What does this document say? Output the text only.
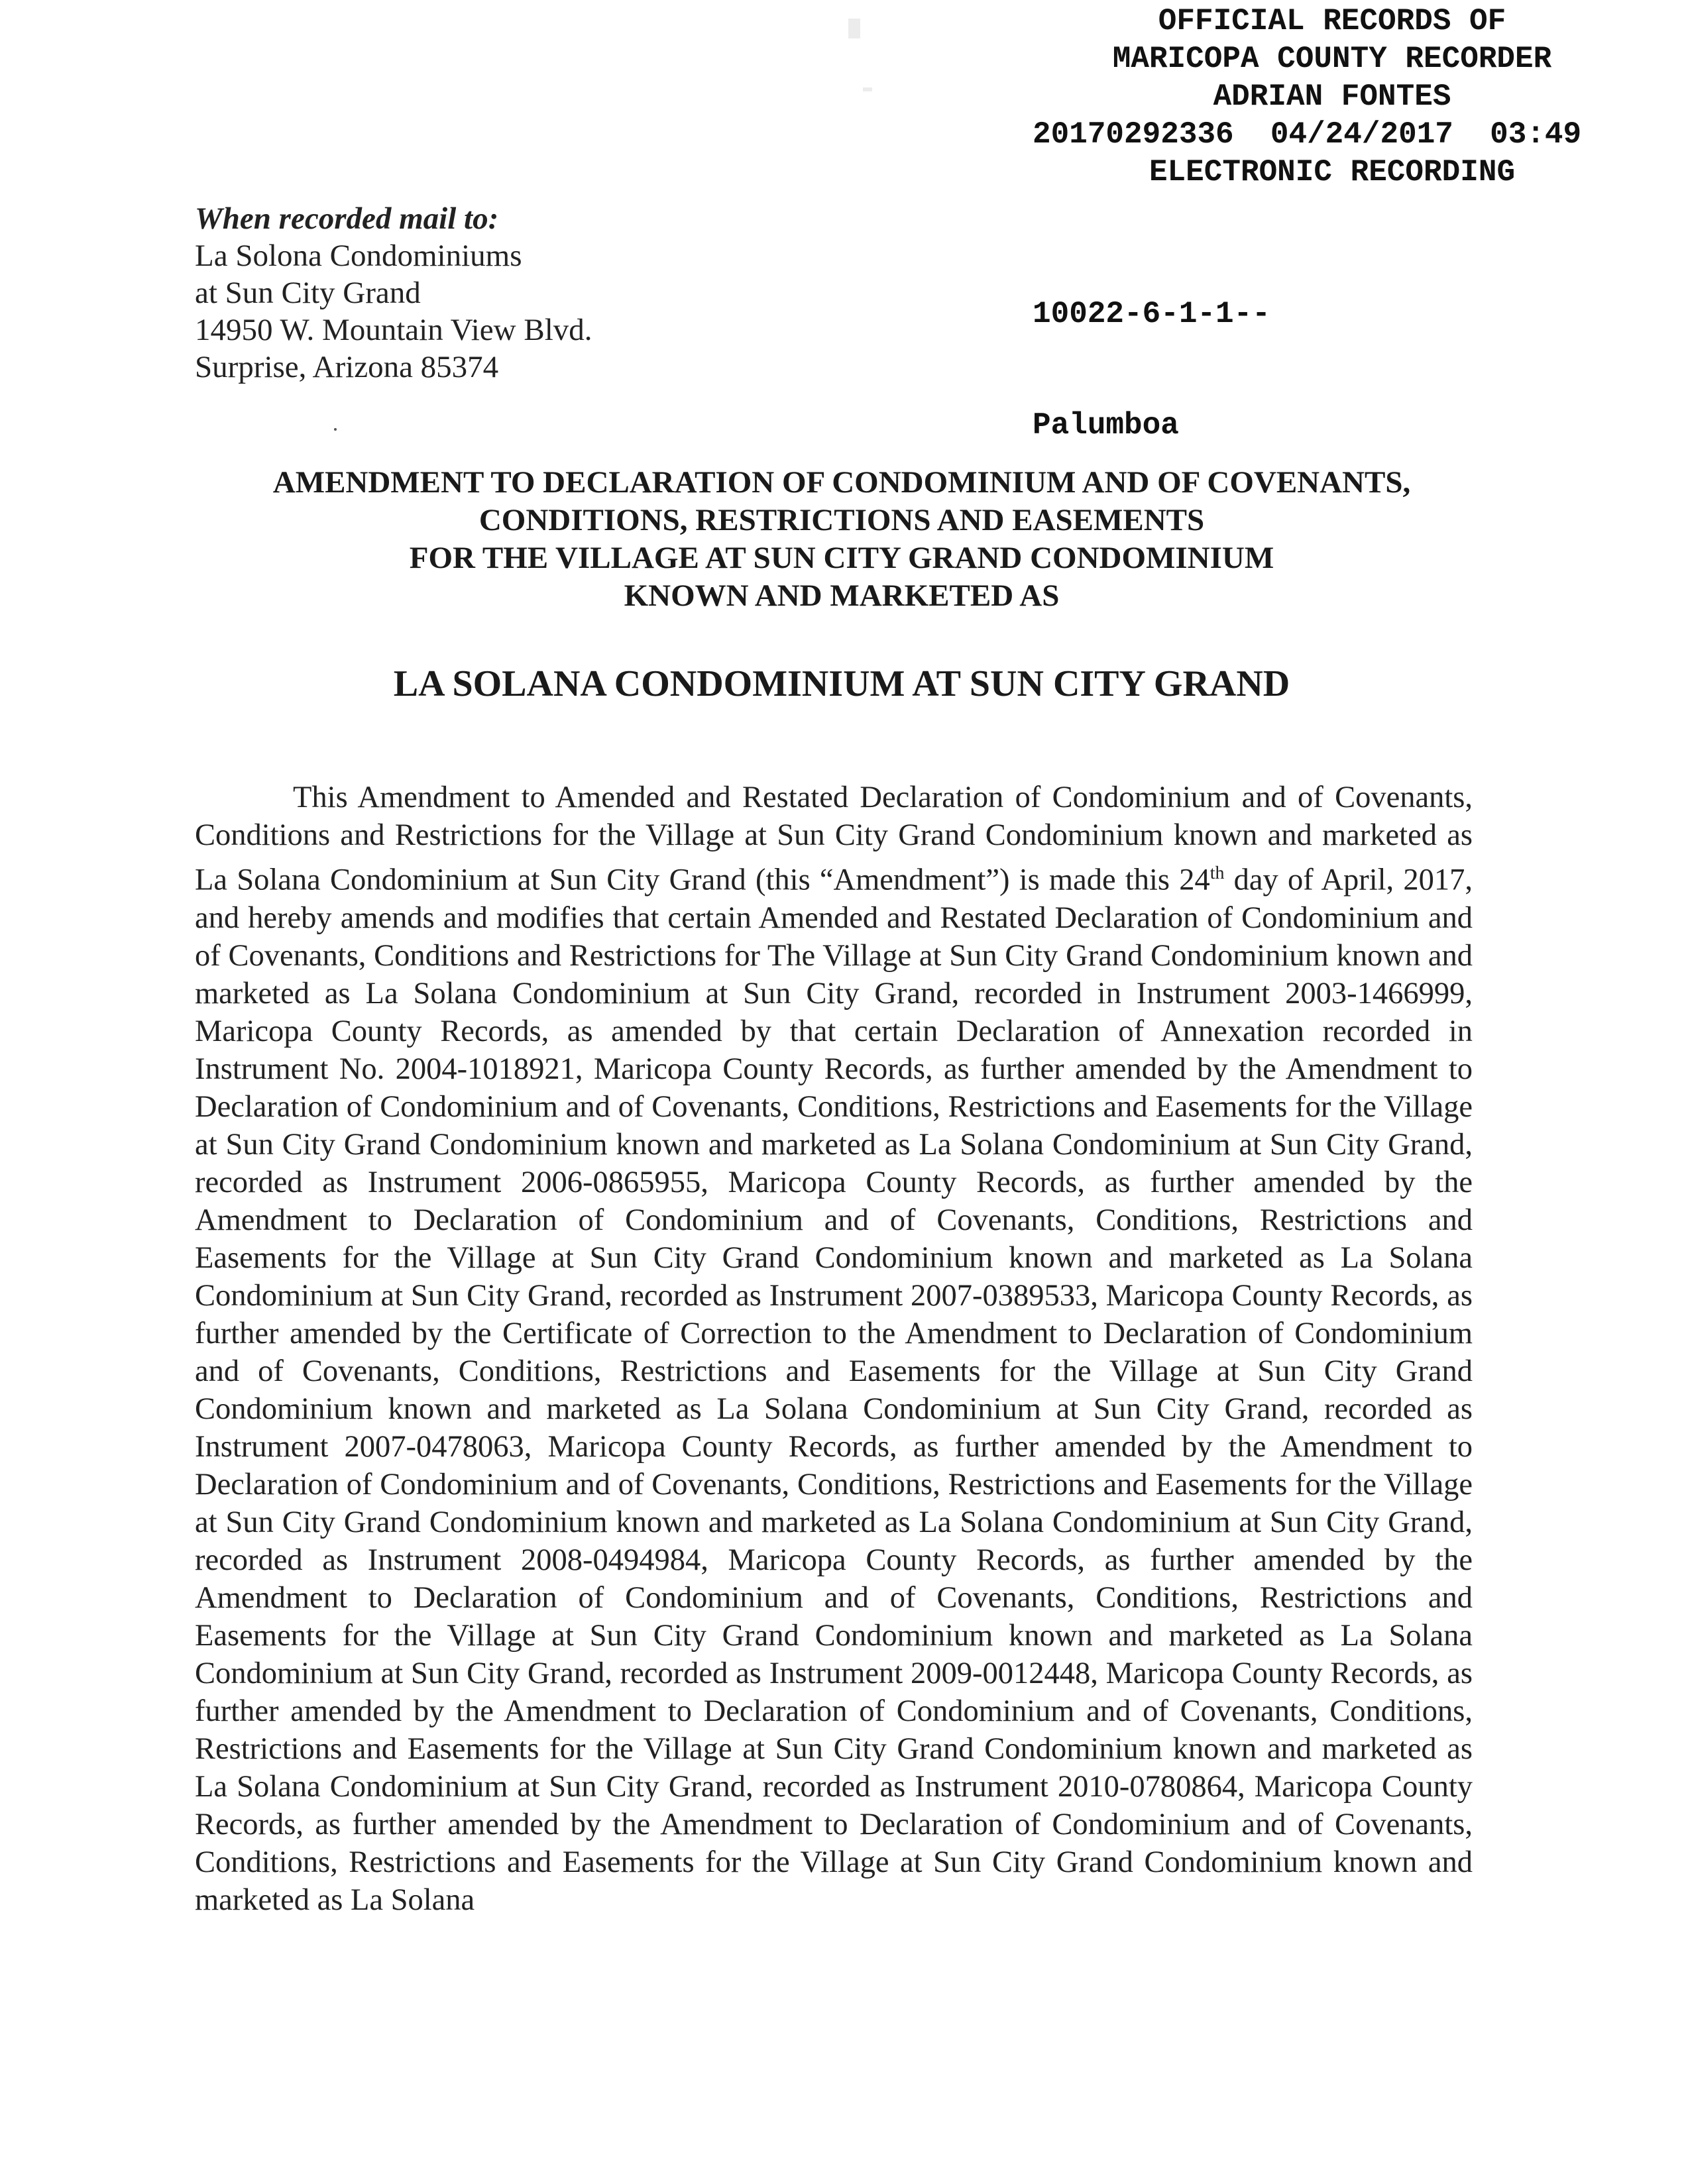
OFFICIAL RECORDS OF
MARICOPA COUNTY RECORDER
ADRIAN FONTES
20170292336  04/24/2017  03:49
ELECTRONIC RECORDING

10022-6-1-1--

Palumboa

When recorded mail to:
La Solona Condominiums
at Sun City Grand
14950 W. Mountain View Blvd.
Surprise, Arizona 85374
AMENDMENT TO DECLARATION OF CONDOMINIUM AND OF COVENANTS,
CONDITIONS, RESTRICTIONS AND EASEMENTS
FOR THE VILLAGE AT SUN CITY GRAND CONDOMINIUM
KNOWN AND MARKETED AS
LA SOLANA CONDOMINIUM AT SUN CITY GRAND

This Amendment to Amended and Restated Declaration of Condominium and of Covenants, Conditions and Restrictions for the Village at Sun City Grand Condominium known and marketed as La Solana Condominium at Sun City Grand (this “Amendment”) is made this 24th day of April, 2017, and hereby amends and modifies that certain Amended and Restated Declaration of Condominium and of Covenants, Conditions and Restrictions for The Village at Sun City Grand Condominium known and marketed as La Solana Condominium at Sun City Grand, recorded in Instrument 2003-1466999, Maricopa County Records, as amended by that certain Declaration of Annexation recorded in Instrument No. 2004-1018921, Maricopa County Records, as further amended by the Amendment to Declaration of Condominium and of Covenants, Conditions, Restrictions and Easements for the Village at Sun City Grand Condominium known and marketed as La Solana Condominium at Sun City Grand, recorded as Instrument 2006-0865955, Maricopa County Records, as further amended by the Amendment to Declaration of Condominium and of Covenants, Conditions, Restrictions and Easements for the Village at Sun City Grand Condominium known and marketed as La Solana Condominium at Sun City Grand, recorded as Instrument 2007-0389533, Maricopa County Records, as further amended by the Certificate of Correction to the Amendment to Declaration of Condominium and of Covenants, Conditions, Restrictions and Easements for the Village at Sun City Grand Condominium known and marketed as La Solana Condominium at Sun City Grand, recorded as Instrument 2007-0478063, Maricopa County Records, as further amended by the Amendment to Declaration of Condominium and of Covenants, Conditions, Restrictions and Easements for the Village at Sun City Grand Condominium known and marketed as La Solana Condominium at Sun City Grand, recorded as Instrument 2008-0494984, Maricopa County Records, as further amended by the Amendment to Declaration of Condominium and of Covenants, Conditions, Restrictions and Easements for the Village at Sun City Grand Condominium known and marketed as La Solana Condominium at Sun City Grand, recorded as Instrument 2009-0012448, Maricopa County Records, as further amended by the Amendment to Declaration of Condominium and of Covenants, Conditions, Restrictions and Easements for the Village at Sun City Grand Condominium known and marketed as La Solana Condominium at Sun City Grand, recorded as Instrument 2010-0780864, Maricopa County Records, as further amended by the Amendment to Declaration of Condominium and of Covenants, Conditions, Restrictions and Easements for the Village at Sun City Grand Condominium known and marketed as La Solana
